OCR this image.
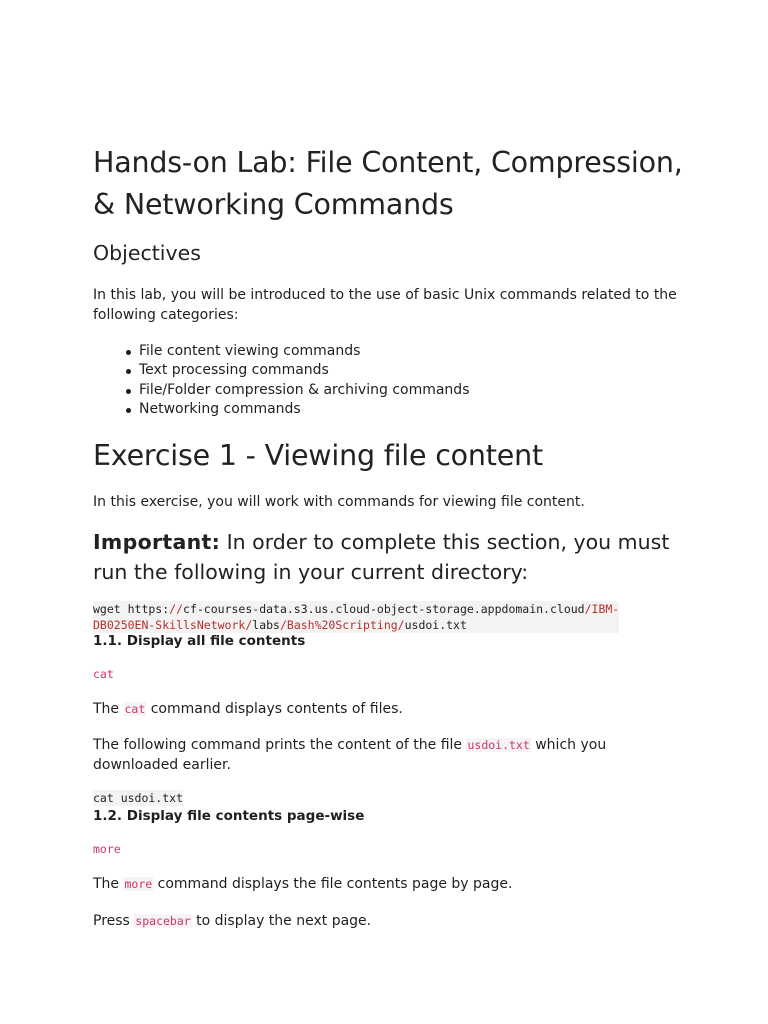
Hands-on Lab: File Content, Compression, & Networking Commands
Objectives

In this lab, you will be introduced to the use of basic Unix commands related to the following categories:

File content viewing commands
Text processing commands
File/Folder compression & archiving commands
Networking commands
Exercise 1 - Viewing file content

In this exercise, you will work with commands for viewing file content.

Important: In order to complete this section, you must run the following in your current directory:

wget https://cf-courses-data.s3.us.cloud-object-storage.appdomain.cloud/IBM-
DB0250EN-SkillsNetwork/labs/Bash%20Scripting/usdoi.txt
1.1. Display all file contents
cat

The cat command displays contents of files.

The following command prints the content of the file usdoi.txt which you downloaded earlier.

cat usdoi.txt
1.2. Display file contents page-wise
more

The more command displays the file contents page by page.

Press spacebar to display the next page.
